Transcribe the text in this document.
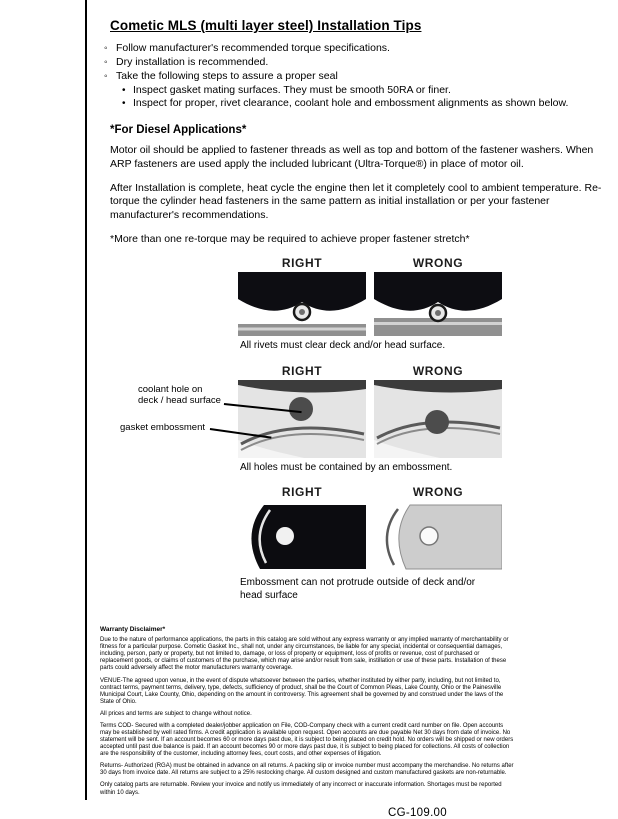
Cometic MLS (multi layer steel) Installation Tips
◦ Follow manufacturer's recommended torque specifications.
◦ Dry installation is recommended.
◦ Take the following steps to assure a proper seal
• Inspect gasket mating surfaces. They must be smooth 50RA or finer.
• Inspect for proper, rivet clearance, coolant hole and embossment alignments as shown below.
*For Diesel Applications*

Motor oil should be applied to fastener threads as well as top and bottom of the fastener washers. When ARP fasteners are used apply the included lubricant (Ultra-Torque®) in place of motor oil.

After Installation is complete, heat cycle the engine then let it completely cool to ambient temperature. Re-torque the cylinder head fasteners in the same pattern as initial installation or per your fastener manufacturer's recommendations.

*More than one re-torque may be required to achieve proper fastener stretch*

RIGHT	WRONG
All rivets must clear deck and/or head surface.
coolant hole on deck / head surface
gasket embossment
RIGHT	WRONG
All holes must be contained by an embossment.
RIGHT	WRONG
Embossment can not protrude outside of deck and/or head surface
Warranty Disclaimer*

Due to the nature of performance applications, the parts in this catalog are sold without any express warranty or any implied warranty of merchantability or fitness for a particular purpose. Cometic Gasket Inc., shall not, under any circumstances, be liable for any special, incidental or consequential damages, including, person, party or property, but not limited to, damage, or loss of property or equipment, loss of profits or revenue, cost of purchased or replacement goods, or claims of customers of the purchase, which may arise and/or result from sale, instillation or use of these parts. Installation of these parts could adversely affect the motor manufacturers warranty coverage.

VENUE-The agreed upon venue, in the event of dispute whatsoever between the parties, whether instituted by either party, including, but not limited to, contract terms, payment terms, delivery, type, defects, sufficiency of product, shall be the Court of Common Pleas, Lake County, Ohio or the Painesville Municipal Court, Lake County, Ohio, depending on the amount in controversy. This agreement shall be governed by and construed under the laws of the State of Ohio.

All prices and terms are subject to change without notice.

Terms COD- Secured with a completed dealer/jobber application on File, COD-Company check with a current credit card number on file. Open accounts may be established by well rated firms. A credit application is available upon request. Open accounts are due payable Net 30 days from date of invoice. No statement will be sent. If an account becomes 60 or more days past due, it is subject to being placed on credit hold. No orders will be shipped or new orders accepted until past due balance is paid. If an account becomes 90 or more days past due, it is subject to being placed for collections. All costs of collection are the responsibility of the customer, including attorney fees, court costs, and other expenses of litigation.

Returns- Authorized (RGA) must be obtained in advance on all returns. A packing slip or invoice number must accompany the merchandise. No returns after 30 days from invoice date. All returns are subject to a 25% restocking charge. All custom designed and custom manufactured gaskets are non-returnable.

Only catalog parts are returnable. Review your invoice and notify us immediately of any incorrect or inaccurate information. Shortages must be reported within 10 days.

CG-109.00
